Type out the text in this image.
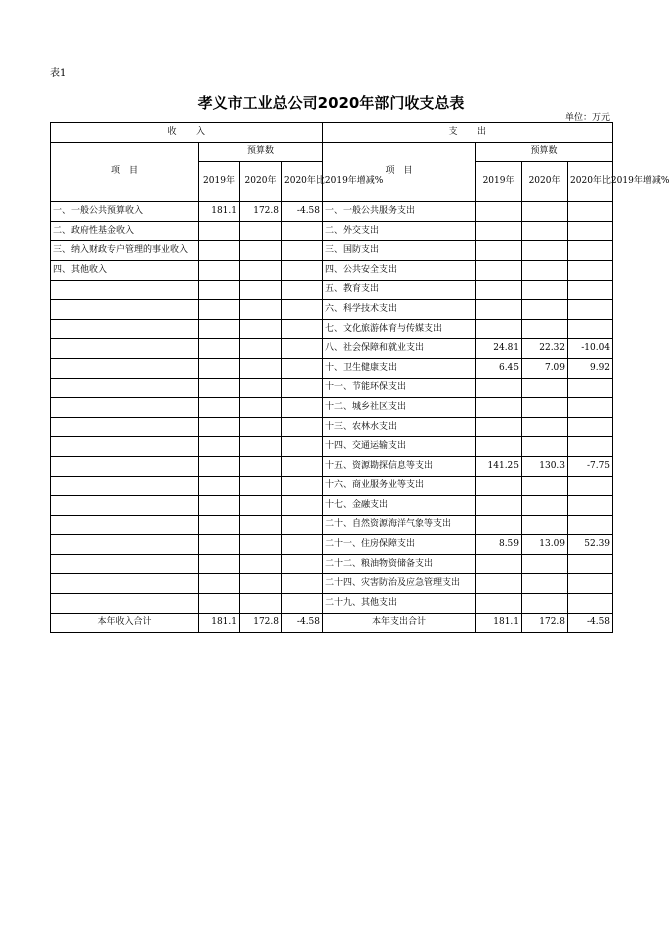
表1
孝义市工业总公司2020年部门收支总表
单位：万元
收　　入				支　　出			
项　目	预算数			项　目	预算数		
	2019年	2020年	2020年比2019年增减%		2019年	2020年	2020年比2019年增减%
一、一般公共预算收入	181.1	172.8	-4.58	一、一般公共服务支出			
二、政府性基金收入				二、外交支出			
三、纳入财政专户管理的事业收入				三、国防支出			
四、其他收入				四、公共安全支出			
				五、教育支出			
				六、科学技术支出			
				七、文化旅游体育与传媒支出			
				八、社会保障和就业支出	24.81	22.32	-10.04
				十、卫生健康支出	6.45	7.09	9.92
				十一、节能环保支出			
				十二、城乡社区支出			
				十三、农林水支出			
				十四、交通运输支出			
				十五、资源勘探信息等支出	141.25	130.3	-7.75
				十六、商业服务业等支出			
				十七、金融支出			
				二十、自然资源海洋气象等支出			
				二十一、住房保障支出	8.59	13.09	52.39
				二十二、粮油物资储备支出			
				二十四、灾害防治及应急管理支出			
				二十九、其他支出			
本年收入合计	181.1	172.8	-4.58	本年支出合计	181.1	172.8	-4.58
